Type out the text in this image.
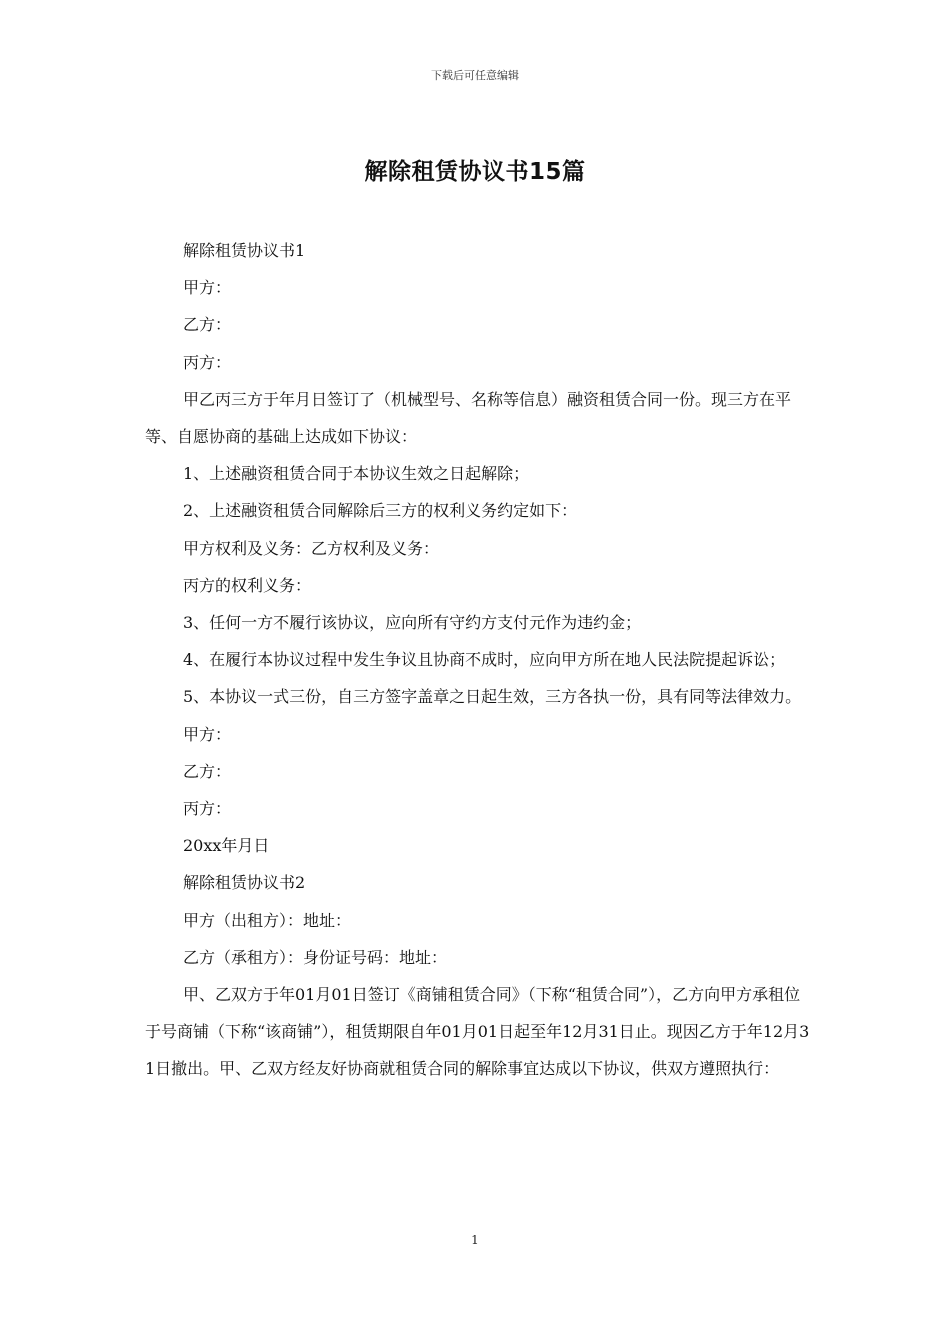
下载后可任意编辑
解除租赁协议书15篇

解除租赁协议书1

甲方：

乙方：

丙方：

甲乙丙三方于年月日签订了（机械型号、名称等信息）融资租赁合同一份。现三方在平等、自愿协商的基础上达成如下协议：

1、上述融资租赁合同于本协议生效之日起解除；

2、上述融资租赁合同解除后三方的权利义务约定如下：

甲方权利及义务：乙方权利及义务：

丙方的权利义务：

3、任何一方不履行该协议，应向所有守约方支付元作为违约金；

4、在履行本协议过程中发生争议且协商不成时，应向甲方所在地人民法院提起诉讼；

5、本协议一式三份，自三方签字盖章之日起生效，三方各执一份，具有同等法律效力。

甲方：

乙方：

丙方：

20xx年月日

解除租赁协议书2

甲方（出租方）：地址：

乙方（承租方）：身份证号码：地址：

甲、乙双方于年01月01日签订《商铺租赁合同》（下称“租赁合同”），乙方向甲方承租位于号商铺（下称“该商铺”），租赁期限自年01月01日起至年12月31日止。现因乙方于年12月31日撤出。甲、乙双方经友好协商就租赁合同的解除事宜达成以下协议，供双方遵照执行：

1
